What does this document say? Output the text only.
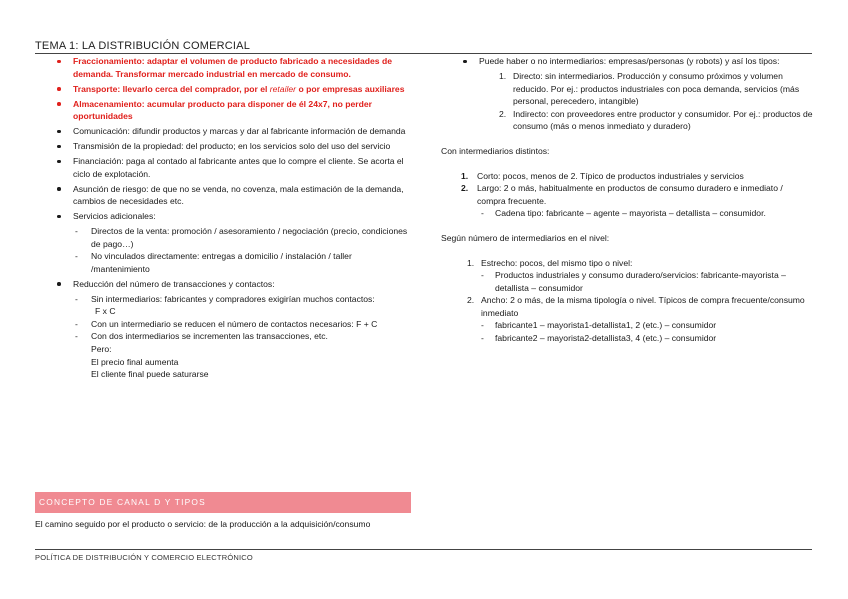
TEMA 1: LA DISTRIBUCIÓN COMERCIAL
Fraccionamiento: adaptar el volumen de producto fabricado a necesidades de demanda. Transformar mercado industrial en mercado de consumo.
Transporte: llevarlo cerca del comprador, por el retailer o por empresas auxiliares
Almacenamiento: acumular producto para disponer de él 24x7, no perder oportunidades
Comunicación: difundir productos y marcas y dar al fabricante información de demanda
Transmisión de la propiedad: del producto; en los servicios solo del uso del servicio
Financiación: paga al contado al fabricante antes que lo compre el cliente. Se acorta el ciclo de explotación.
Asunción de riesgo: de que no se venda, no covenza, mala estimación de la demanda, cambios de necesidades etc.
Servicios adicionales:
- Directos de la venta: promoción / asesoramiento / negociación (precio, condiciones de pago…)
- No vinculados directamente: entregas a domicilio / instalación / taller /mantenimiento
Reducción del número de transacciones y contactos:
- Sin intermediarios: fabricantes y compradores exigirían muchos contactos:
F x C
- Con un intermediario se reducen el número de contactos necesarios: F + C
- Con dos intermediarios se incrementen las transacciones, etc.
Pero:
El precio final aumenta
El cliente final puede saturarse
CONCEPTO DE CANAL D Y TIPOS
El camino seguido por el producto o servicio: de la producción a la adquisición/consumo
Puede haber o no intermediarios: empresas/personas (y robots) y así los tipos:
1. Directo: sin intermediarios. Producción y consumo próximos y volumen reducido. Por ej.: productos industriales con poca demanda, servicios (más personal, perecedero, intangible)
2. Indirecto: con proveedores entre productor y consumidor. Por ej.: productos de consumo (más o menos inmediato y duradero)

Con intermediarios distintos:

1. Corto: pocos, menos de 2. Típico de productos industriales y servicios
2. Largo: 2 o más, habitualmente en productos de consumo duradero e inmediato / compra frecuente.
- Cadena tipo: fabricante – agente – mayorista – detallista – consumidor.

Según número de intermediarios en el nivel:

1. Estrecho: pocos, del mismo tipo o nivel:
- Productos industriales y consumo duradero/servicios: fabricante-mayorista – detallista – consumidor
2. Ancho: 2 o más, de la misma tipología o nivel. Típicos de compra frecuente/consumo inmediato
- fabricante1 – mayorista1-detallista1, 2 (etc.) – consumidor
- fabricante2 – mayorista2-detallista3, 4 (etc.) – consumidor
POLÍTICA DE DISTRIBUCIÓN Y COMERCIO ELECTRÓNICO
